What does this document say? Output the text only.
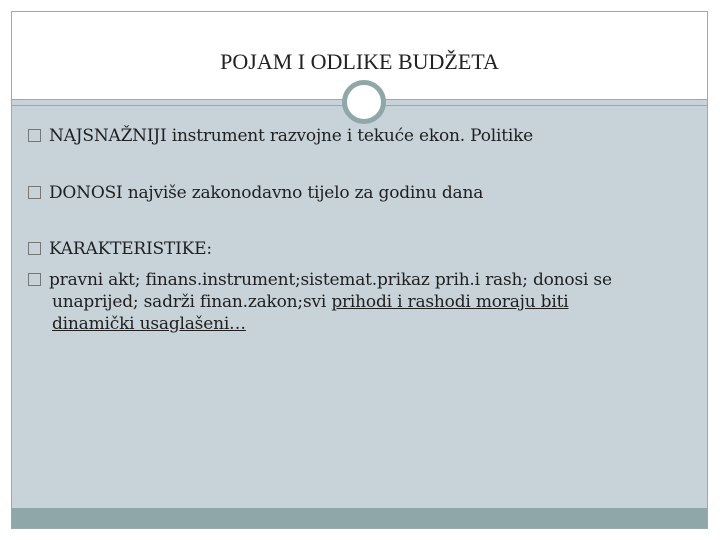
POJAM I ODLIKE BUDŽETA
NAJSNAŽNIJI instrument razvojne i tekuće ekon. Politike
DONOSI najviše zakonodavno tijelo za godinu dana
KARAKTERISTIKE:
pravni akt; finans.instrument;sistemat.prikaz prih.i rash; donosi se
unaprijed; sadrži finan.zakon;svi prihodi i rashodi moraju biti
dinamički usaglašeni…
